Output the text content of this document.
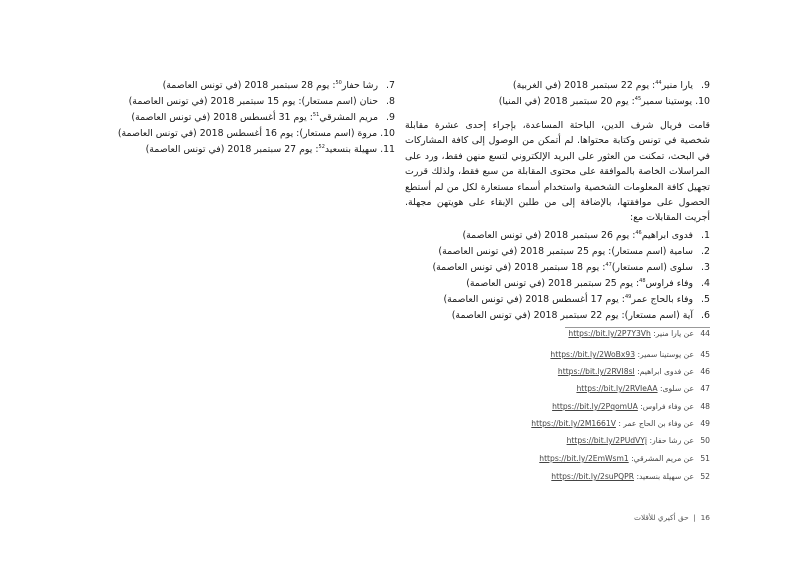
9. يارا منير$^{44}$: يوم 22 سبتمبر 2018 (في الغربية)
10. يوستينا سمير$^{45}$: يوم 20 سبتمبر 2018 (في المنيا)

قامت فريال شرف الدين، الباحثة المساعدة، بإجراء إحدى عشرة مقابلة شخصية في تونس وكتابة محتواها. لم أتمكن من الوصول إلى كافة المشاركات في البحث، تمكنت من العثور على البريد الإلكتروني لتسع منهن فقط، ورد على المراسلات الخاصة بالموافقة على محتوى المقابلة من سبع فقط، ولذلك قررت تجهيل كافة المعلومات الشخصية واستخدام أسماء مستعارة لكل من لم أستطع الحصول على موافقتها، بالإضافة إلى من طلبن الإبقاء على هويتهن مجهلة. أجريت المقابلات مع:

1. فدوى ابراهيم$^{46}$: يوم 26 سبتمبر 2018 (في تونس العاصمة)
2. سامية (اسم مستعار): يوم 25 سبتمبر 2018 (في تونس العاصمة)
3. سلوى (اسم مستعار)$^{47}$: يوم 18 سبتمبر 2018 (في تونس العاصمة)
4. وفاء فراوس$^{48}$: يوم 25 سبتمبر 2018 (في تونس العاصمة)
5. وفاء بالحاج عمر$^{49}$: يوم 17 أغسطس 2018 (في تونس العاصمة)
6. آية (اسم مستعار): يوم 22 سبتمبر 2018 (في تونس العاصمة)
7. رشا حفار$^{50}$: يوم 28 سبتمبر 2018 (في تونس العاصمة)
8. حنان (اسم مستعار): يوم 15 سبتمبر 2018 (في تونس العاصمة)
9. مريم المشرقي$^{51}$: يوم 31 أغسطس 2018 (في تونس العاصمة)
10. مروة (اسم مستعار): يوم 16 أغسطس 2018 (في تونس العاصمة)
11. سهيلة بنسعيد$^{52}$: يوم 27 سبتمبر 2018 (في تونس العاصمة)
44عن يارا منير: https://bit.ly/2P7Y3Vh
45عن يوستينا سمير: https://bit.ly/2WoBx93
46عن فدوى ابراهيم: https://bit.ly/2RVI8sI
47عن سلوى: https://bit.ly/2RVIeAA
48عن وفاء فراوس: https://bit.ly/2PqomUA
49عن وفاء بن الحاج عمر : https://bit.ly/2M1661V
50عن رشا حفار: https://bit.ly/2PUdVYj
51عن مريم المشرقي: https://bit.ly/2EmWsm1
52عن سهيلة بنسعيد: https://bit.ly/2suPQPR
16  |  حق أكيري للأقلات
